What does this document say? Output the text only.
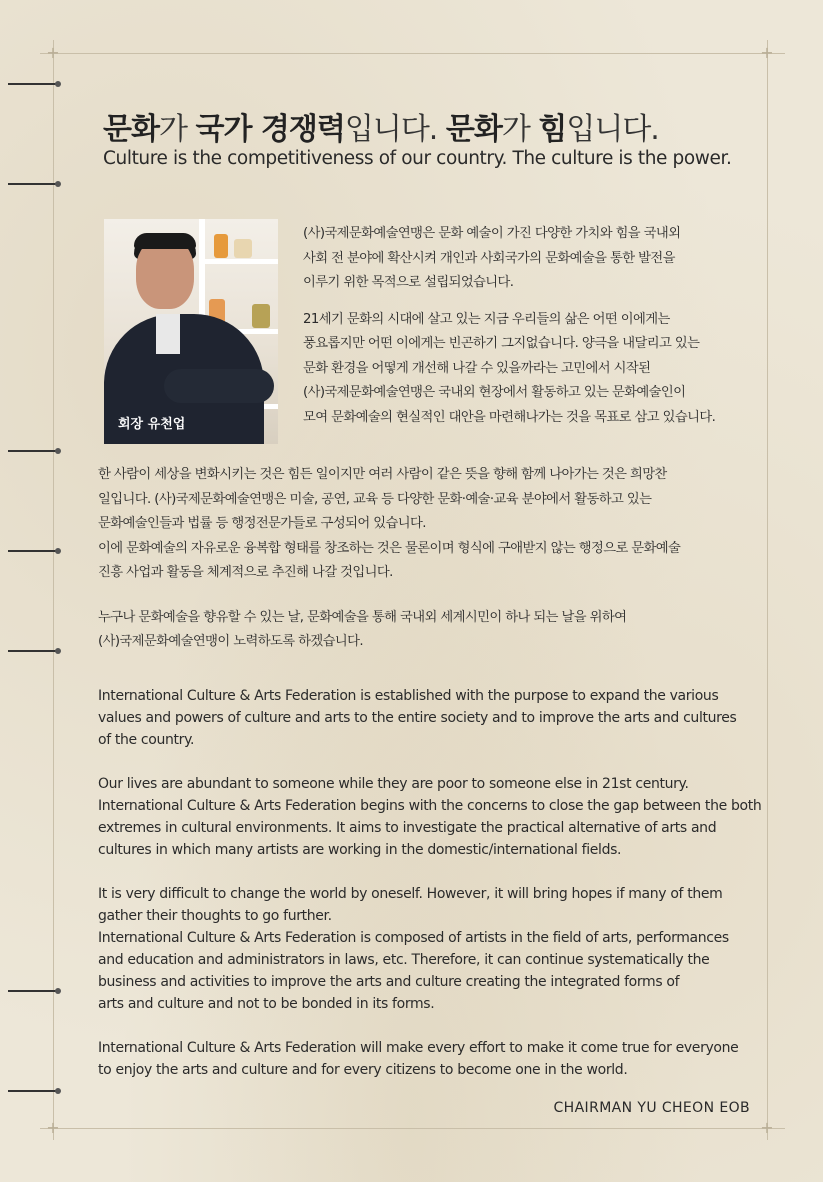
+	+
+	+
문화가 국가 경쟁력입니다. 문화가 힘입니다.
Culture is the competitiveness of our country. The culture is the power.
회장 유천업
(사)국제문화예술연맹은 문화 예술이 가진 다양한 가치와 힘을 국내외
사회 전 분야에 확산시켜 개인과 사회국가의 문화예술을 통한 발전을
이루기 위한 목적으로 설립되었습니다.
21세기 문화의 시대에 살고 있는 지금 우리들의 삶은 어떤 이에게는
풍요롭지만 어떤 이에게는 빈곤하기 그지없습니다. 양극을 내달리고 있는
문화 환경을 어떻게 개선해 나갈 수 있을까라는 고민에서 시작된
(사)국제문화예술연맹은 국내외 현장에서 활동하고 있는 문화예술인이
모여 문화예술의 현실적인 대안을 마련해나가는 것을 목표로 삼고 있습니다.
한 사람이 세상을 변화시키는 것은 힘든 일이지만 여러 사람이 같은 뜻을 향해 함께 나아가는 것은 희망찬
일입니다. (사)국제문화예술연맹은 미술, 공연, 교육 등 다양한 문화·예술·교육 분야에서 활동하고 있는
문화예술인들과 법률 등 행정전문가들로 구성되어 있습니다.
이에 문화예술의 자유로운 융복합 형태를 창조하는 것은 물론이며 형식에 구애받지 않는 행정으로 문화예술
진흥 사업과 활동을 체계적으로 추진해 나갈 것입니다.
누구나 문화예술을 향유할 수 있는 날, 문화예술을 통해 국내외 세계시민이 하나 되는 날을 위하여
(사)국제문화예술연맹이 노력하도록 하겠습니다.
International Culture & Arts Federation is established with the purpose to expand the various
values and powers of culture and arts to the entire society and to improve the arts and cultures
of the country.
Our lives are abundant to someone while they are poor to someone else in 21st century.
International Culture & Arts Federation begins with the concerns to close the gap between the both
extremes in cultural environments. It aims to investigate the practical alternative of arts and
cultures in which many artists are working in the domestic/international fields.
It is very difficult to change the world by oneself. However, it will bring hopes if many of them
gather their thoughts to go further.
International Culture & Arts Federation is composed of artists in the field of arts, performances
and education and administrators in laws, etc. Therefore, it can continue systematically the
business and activities to improve the arts and culture creating the integrated forms of
arts and culture and not to be bonded in its forms.
International Culture & Arts Federation will make every effort to make it come true for everyone
to enjoy the arts and culture and for every citizens to become one in the world.
CHAIRMAN YU CHEON EOB
